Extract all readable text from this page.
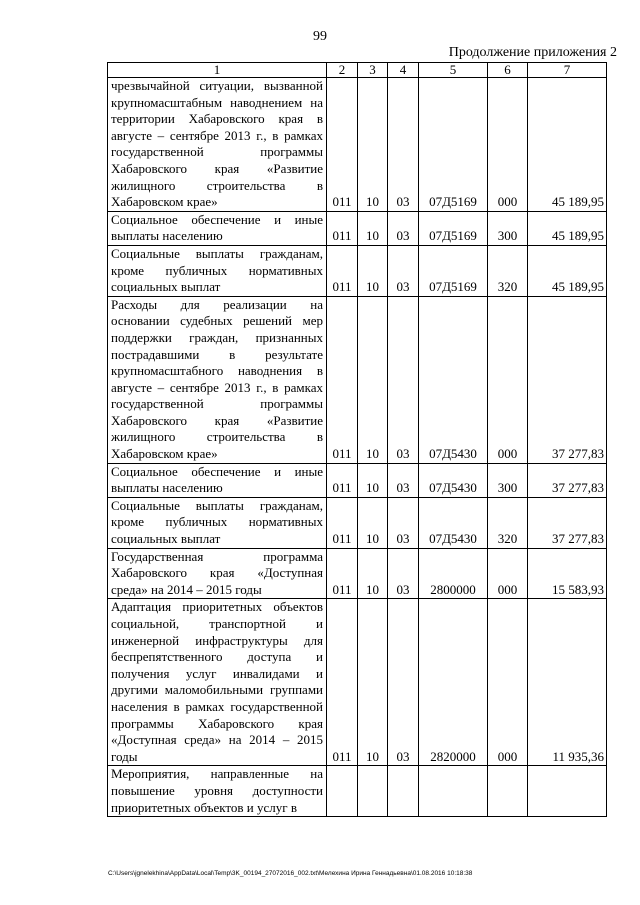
99
Продолжение приложения 2
1	2	3	4	5	6	7
чрезвычайной ситуации, вызванной крупномасштабным наводнением на территории Хабаровского края в августе – сентябре 2013 г., в рамках государственной программы Хабаровского края «Развитие жилищного строительства в Хабаровском крае»	011	10	03	07Д5169	000	45 189,95
Социальное обеспечение и иные выплаты населению	011	10	03	07Д5169	300	45 189,95
Социальные выплаты гражданам, кроме публичных нормативных социальных выплат	011	10	03	07Д5169	320	45 189,95
Расходы для реализации на основании судебных решений мер поддержки граждан, признанных пострадавшими в результате крупномасштабного наводнения в августе – сентябре 2013 г., в рамках государственной программы Хабаровского края «Развитие жилищного строительства в Хабаровском крае»	011	10	03	07Д5430	000	37 277,83
Социальное обеспечение и иные выплаты населению	011	10	03	07Д5430	300	37 277,83
Социальные выплаты гражданам, кроме публичных нормативных социальных выплат	011	10	03	07Д5430	320	37 277,83
Государственная программа Хабаровского края «Доступная среда» на 2014 – 2015 годы	011	10	03	2800000	000	15 583,93
Адаптация приоритетных объектов социальной, транспортной и инженерной инфраструктуры для беспрепятственного доступа и получения услуг инвалидами и другими маломобильными группами населения в рамках государственной программы Хабаровского края «Доступная среда» на 2014 – 2015 годы	011	10	03	2820000	000	11 935,36
Мероприятия, направленные на повышение уровня доступности приоритетных объектов и услуг в						
C:\Users\jgnelekhina\AppData\Local\Temp\3K_00194_27072016_002.txt\Мелехина Ирина Геннадьевна\01.08.2016 10:18:38
